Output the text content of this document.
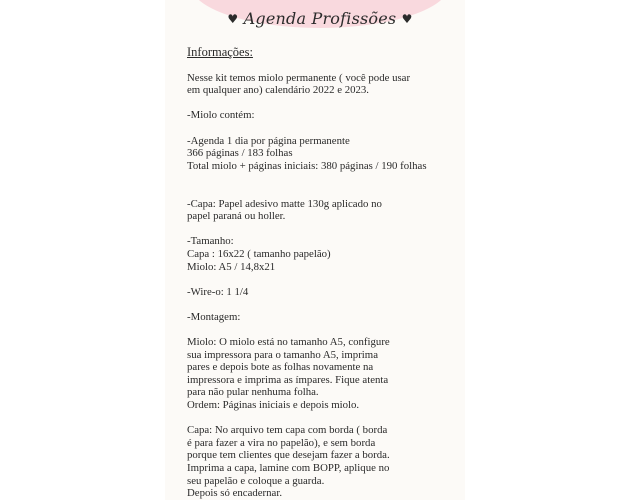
♥ Agenda Profissões ♥
Informações:
Nesse kit temos miolo permanente ( você pode usar
em qualquer ano) calendário 2022 e 2023.
-Miolo contém:
-Agenda 1 dia por página permanente
366 páginas / 183 folhas
Total miolo + páginas iniciais: 380 páginas / 190 folhas
-Capa: Papel adesivo matte 130g aplicado no
papel paraná ou holler.
-Tamanho:
Capa : 16x22 ( tamanho papelão)
Miolo: A5 / 14,8x21
-Wire-o: 1 1/4
-Montagem:
Miolo: O miolo está no tamanho A5, configure
sua impressora para o tamanho A5, imprima
pares e depois bote as folhas novamente na
impressora e imprima as ímpares. Fique atenta
para não pular nenhuma folha.
Ordem: Páginas iniciais e depois miolo.
Capa: No arquivo tem capa com borda ( borda
é para fazer a vira no papelão), e sem borda
porque tem clientes que desejam fazer a borda.
Imprima a capa, lamine com BOPP, aplique no
seu papelão e coloque a guarda.
Depois só encadernar.
